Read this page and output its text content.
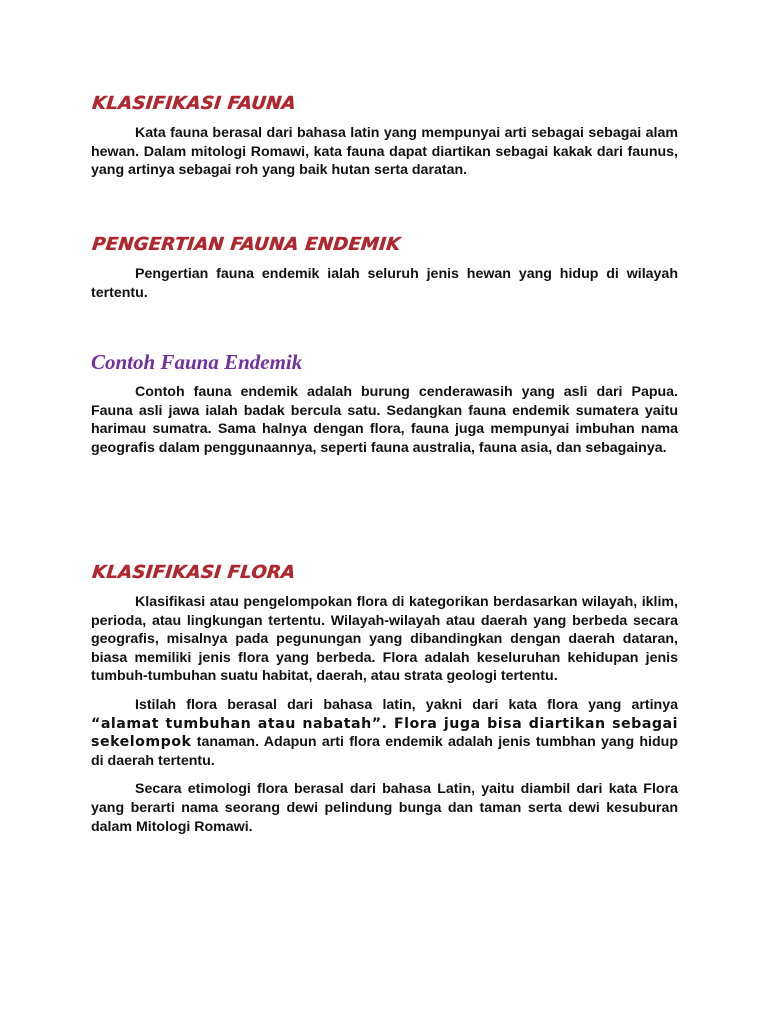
KLASIFIKASI FAUNA

Kata fauna berasal dari bahasa latin yang mempunyai arti sebagai sebagai alam hewan. Dalam mitologi Romawi, kata fauna dapat diartikan sebagai kakak dari faunus, yang artinya sebagai roh yang baik hutan serta daratan.

PENGERTIAN FAUNA ENDEMIK

Pengertian fauna endemik ialah seluruh jenis hewan yang hidup di wilayah tertentu.

Contoh Fauna Endemik

Contoh fauna endemik adalah burung cenderawasih yang asli dari Papua. Fauna asli jawa ialah badak bercula satu. Sedangkan fauna endemik sumatera yaitu harimau sumatra. Sama halnya dengan flora, fauna juga mempunyai imbuhan nama geografis dalam penggunaannya, seperti fauna australia, fauna asia, dan sebagainya.

KLASIFIKASI FLORA

Klasifikasi atau pengelompokan flora di kategorikan berdasarkan wilayah, iklim, perioda, atau lingkungan tertentu. Wilayah-wilayah atau daerah yang berbeda secara geografis, misalnya pada pegunungan yang dibandingkan dengan daerah dataran, biasa memiliki jenis flora yang berbeda. Flora adalah keseluruhan kehidupan jenis tumbuh-tumbuhan suatu habitat, daerah, atau strata geologi tertentu.

Istilah flora berasal dari bahasa latin, yakni dari kata flora yang artinya “alamat tumbuhan atau nabatah”. Flora juga bisa diartikan sebagai sekelompok tanaman. Adapun arti flora endemik adalah jenis tumbhan yang hidup di daerah tertentu.

Secara etimologi flora berasal dari bahasa Latin, yaitu diambil dari kata Flora yang berarti nama seorang dewi pelindung bunga dan taman serta dewi kesuburan dalam Mitologi Romawi.
